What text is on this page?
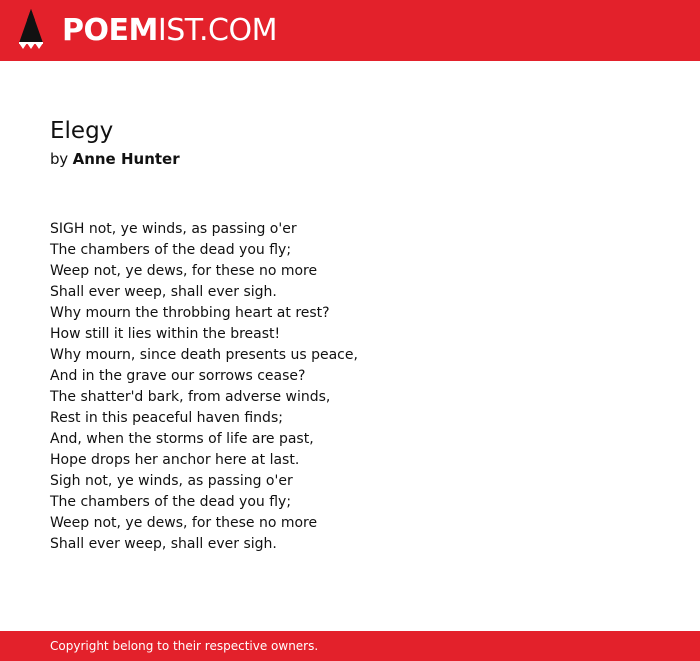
POEMIST.COM
Elegy
by Anne Hunter
SIGH not, ye winds, as passing o'er
The chambers of the dead you fly;
Weep not, ye dews, for these no more
Shall ever weep, shall ever sigh.
Why mourn the throbbing heart at rest?
How still it lies within the breast!
Why mourn, since death presents us peace,
And in the grave our sorrows cease?
The shatter'd bark, from adverse winds,
Rest in this peaceful haven finds;
And, when the storms of life are past,
Hope drops her anchor here at last.
Sigh not, ye winds, as passing o'er
The chambers of the dead you fly;
Weep not, ye dews, for these no more
Shall ever weep, shall ever sigh.
Copyright belong to their respective owners.
